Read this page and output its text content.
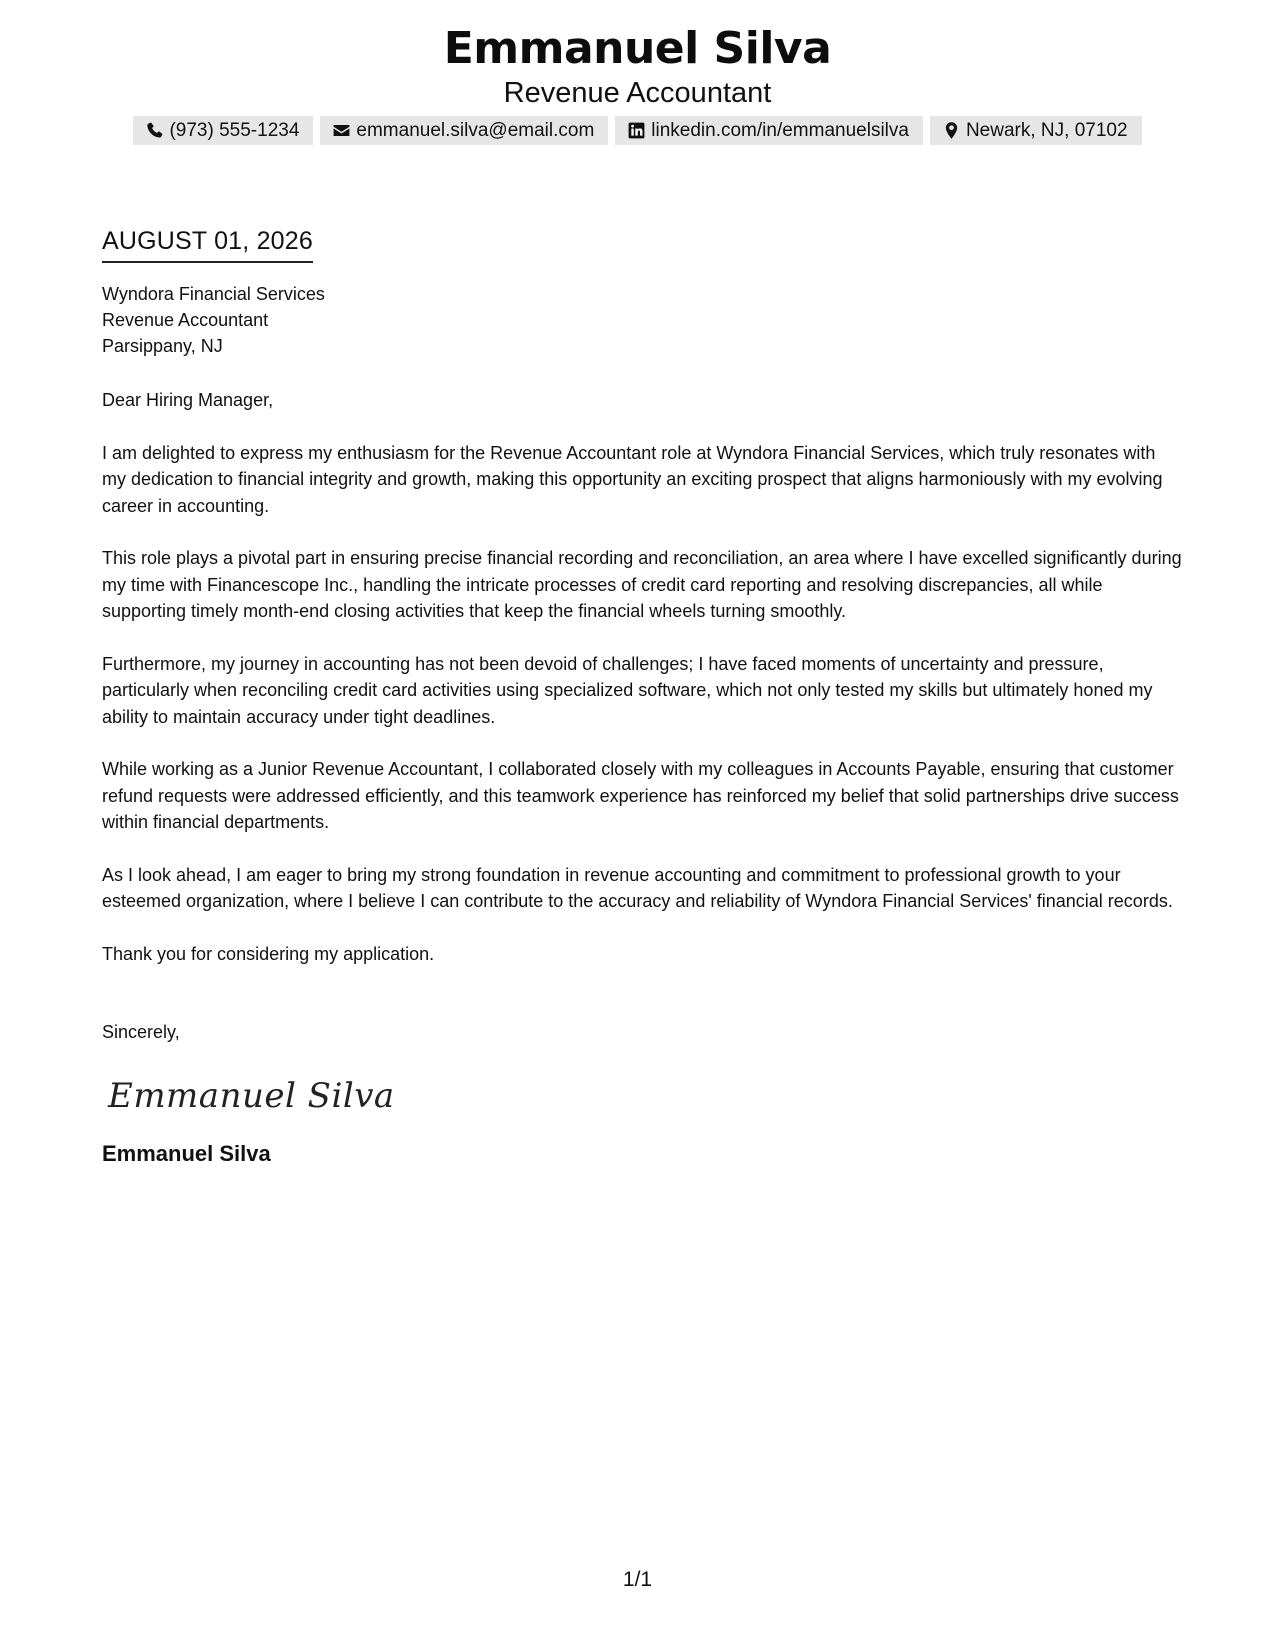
Emmanuel Silva
Revenue Accountant
(973) 555-1234	emmanuel.silva@email.com	linkedin.com/in/emmanuelsilva	Newark, NJ, 07102
AUGUST 01, 2026
Wyndora Financial Services
Revenue Accountant
Parsippany, NJ
Dear Hiring Manager,
I am delighted to express my enthusiasm for the Revenue Accountant role at Wyndora Financial Services, which truly resonates with my dedication to financial integrity and growth, making this opportunity an exciting prospect that aligns harmoniously with my evolving career in accounting.
This role plays a pivotal part in ensuring precise financial recording and reconciliation, an area where I have excelled significantly during my time with Financescope Inc., handling the intricate processes of credit card reporting and resolving discrepancies, all while supporting timely month-end closing activities that keep the financial wheels turning smoothly.
Furthermore, my journey in accounting has not been devoid of challenges; I have faced moments of uncertainty and pressure, particularly when reconciling credit card activities using specialized software, which not only tested my skills but ultimately honed my ability to maintain accuracy under tight deadlines.
While working as a Junior Revenue Accountant, I collaborated closely with my colleagues in Accounts Payable, ensuring that customer refund requests were addressed efficiently, and this teamwork experience has reinforced my belief that solid partnerships drive success within financial departments.
As I look ahead, I am eager to bring my strong foundation in revenue accounting and commitment to professional growth to your esteemed organization, where I believe I can contribute to the accuracy and reliability of Wyndora Financial Services' financial records.
Thank you for considering my application.
Sincerely,
Emmanuel Silva
Emmanuel Silva
1/1
